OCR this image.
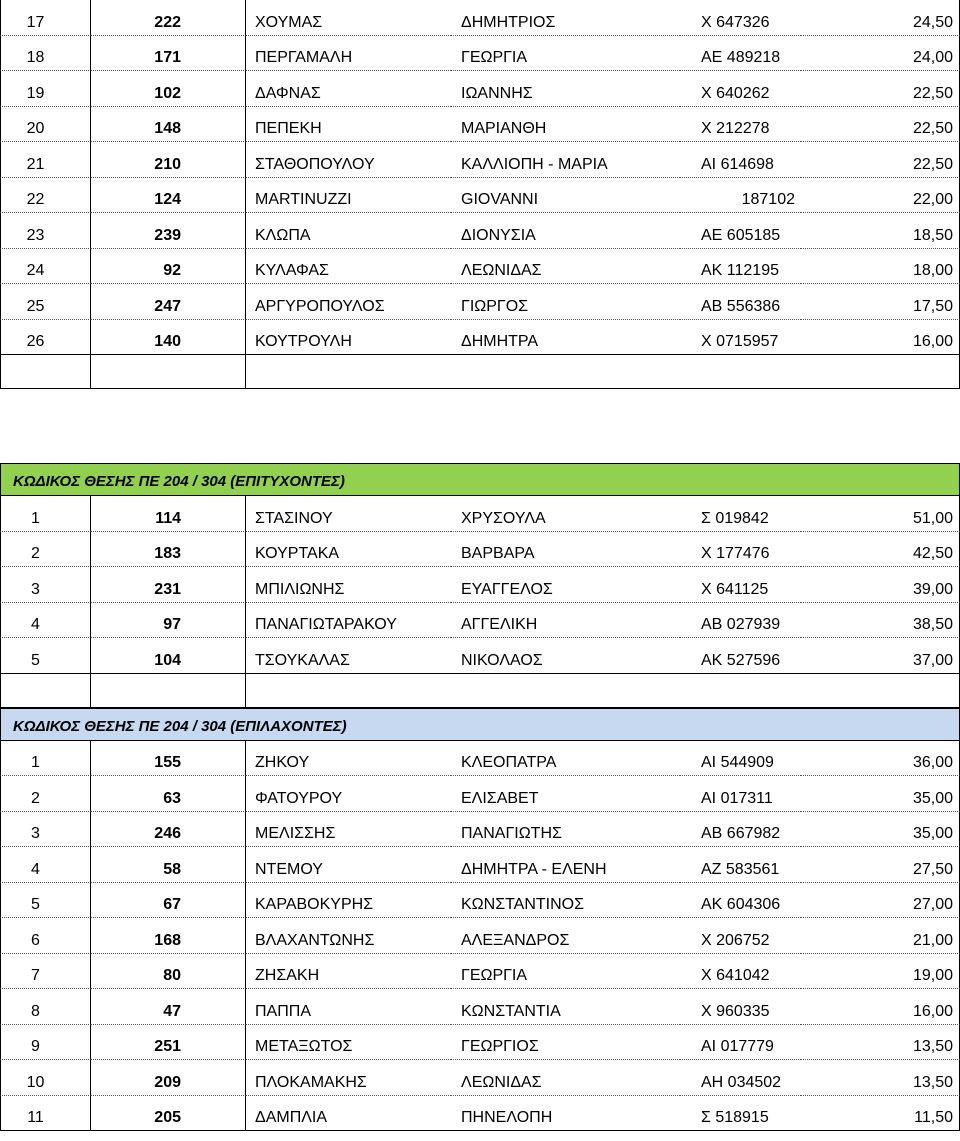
17	222	ΧΟΥΜΑΣ	ΔΗΜΗΤΡΙΟΣ	Χ 647326	24,50
18	171	ΠΕΡΓΑΜΑΛΗ	ΓΕΩΡΓΙΑ	ΑΕ 489218	24,00
19	102	ΔΑΦΝΑΣ	ΙΩΑΝΝΗΣ	Χ 640262	22,50
20	148	ΠΕΠΕΚΗ	ΜΑΡΙΑΝΘΗ	Χ 212278	22,50
21	210	ΣΤΑΘΟΠΟΥΛΟΥ	ΚΑΛΛΙΟΠΗ - ΜΑΡΙΑ	ΑΙ 614698	22,50
22	124	MARTINUZZI	GIOVANNI	187102	22,00
23	239	ΚΛΩΠΑ	ΔΙΟΝΥΣΙΑ	ΑΕ 605185	18,50
24	92	ΚΥΛΑΦΑΣ	ΛΕΩΝΙΔΑΣ	ΑΚ 112195	18,00
25	247	ΑΡΓΥΡΟΠΟΥΛΟΣ	ΓΙΩΡΓΟΣ	ΑΒ 556386	17,50
26	140	ΚΟΥΤΡΟΥΛΗ	ΔΗΜΗΤΡΑ	Χ 0715957	16,00
ΚΩΔΙΚΟΣ ΘΕΣΗΣ ΠΕ 204 / 304 (ΕΠΙΤΥΧΟΝΤΕΣ)
1	114	ΣΤΑΣΙΝΟΥ	ΧΡΥΣΟΥΛΑ	Σ 019842	51,00
2	183	ΚΟΥΡΤΑΚΑ	ΒΑΡΒΑΡΑ	Χ 177476	42,50
3	231	ΜΠΙΛΙΩΝΗΣ	ΕΥΑΓΓΕΛΟΣ	Χ 641125	39,00
4	97	ΠΑΝΑΓΙΩΤΑΡΑΚΟΥ	ΑΓΓΕΛΙΚΗ	ΑΒ 027939	38,50
5	104	ΤΣΟΥΚΑΛΑΣ	ΝΙΚΟΛΑΟΣ	ΑΚ 527596	37,00
ΚΩΔΙΚΟΣ ΘΕΣΗΣ ΠΕ 204 / 304 (ΕΠΙΛΑΧΟΝΤΕΣ)
1	155	ΖΗΚΟΥ	ΚΛΕΟΠΑΤΡΑ	ΑΙ 544909	36,00
2	63	ΦΑΤΟΥΡΟΥ	ΕΛΙΣΑΒΕΤ	ΑΙ 017311	35,00
3	246	ΜΕΛΙΣΣΗΣ	ΠΑΝΑΓΙΩΤΗΣ	ΑΒ 667982	35,00
4	58	ΝΤΕΜΟΥ	ΔΗΜΗΤΡΑ - ΕΛΕΝΗ	ΑΖ 583561	27,50
5	67	ΚΑΡΑΒΟΚΥΡΗΣ	ΚΩΝΣΤΑΝΤΙΝΟΣ	ΑΚ 604306	27,00
6	168	ΒΛΑΧΑΝΤΩΝΗΣ	ΑΛΕΞΑΝΔΡΟΣ	Χ 206752	21,00
7	80	ΖΗΣΑΚΗ	ΓΕΩΡΓΙΑ	Χ 641042	19,00
8	47	ΠΑΠΠΑ	ΚΩΝΣΤΑΝΤΙΑ	Χ 960335	16,00
9	251	ΜΕΤΑΞΩΤΟΣ	ΓΕΩΡΓΙΟΣ	ΑΙ 017779	13,50
10	209	ΠΛΟΚΑΜΑΚΗΣ	ΛΕΩΝΙΔΑΣ	ΑΗ 034502	13,50
11	205	ΔΑΜΠΛΙΑ	ΠΗΝΕΛΟΠΗ	Σ 518915	11,50
